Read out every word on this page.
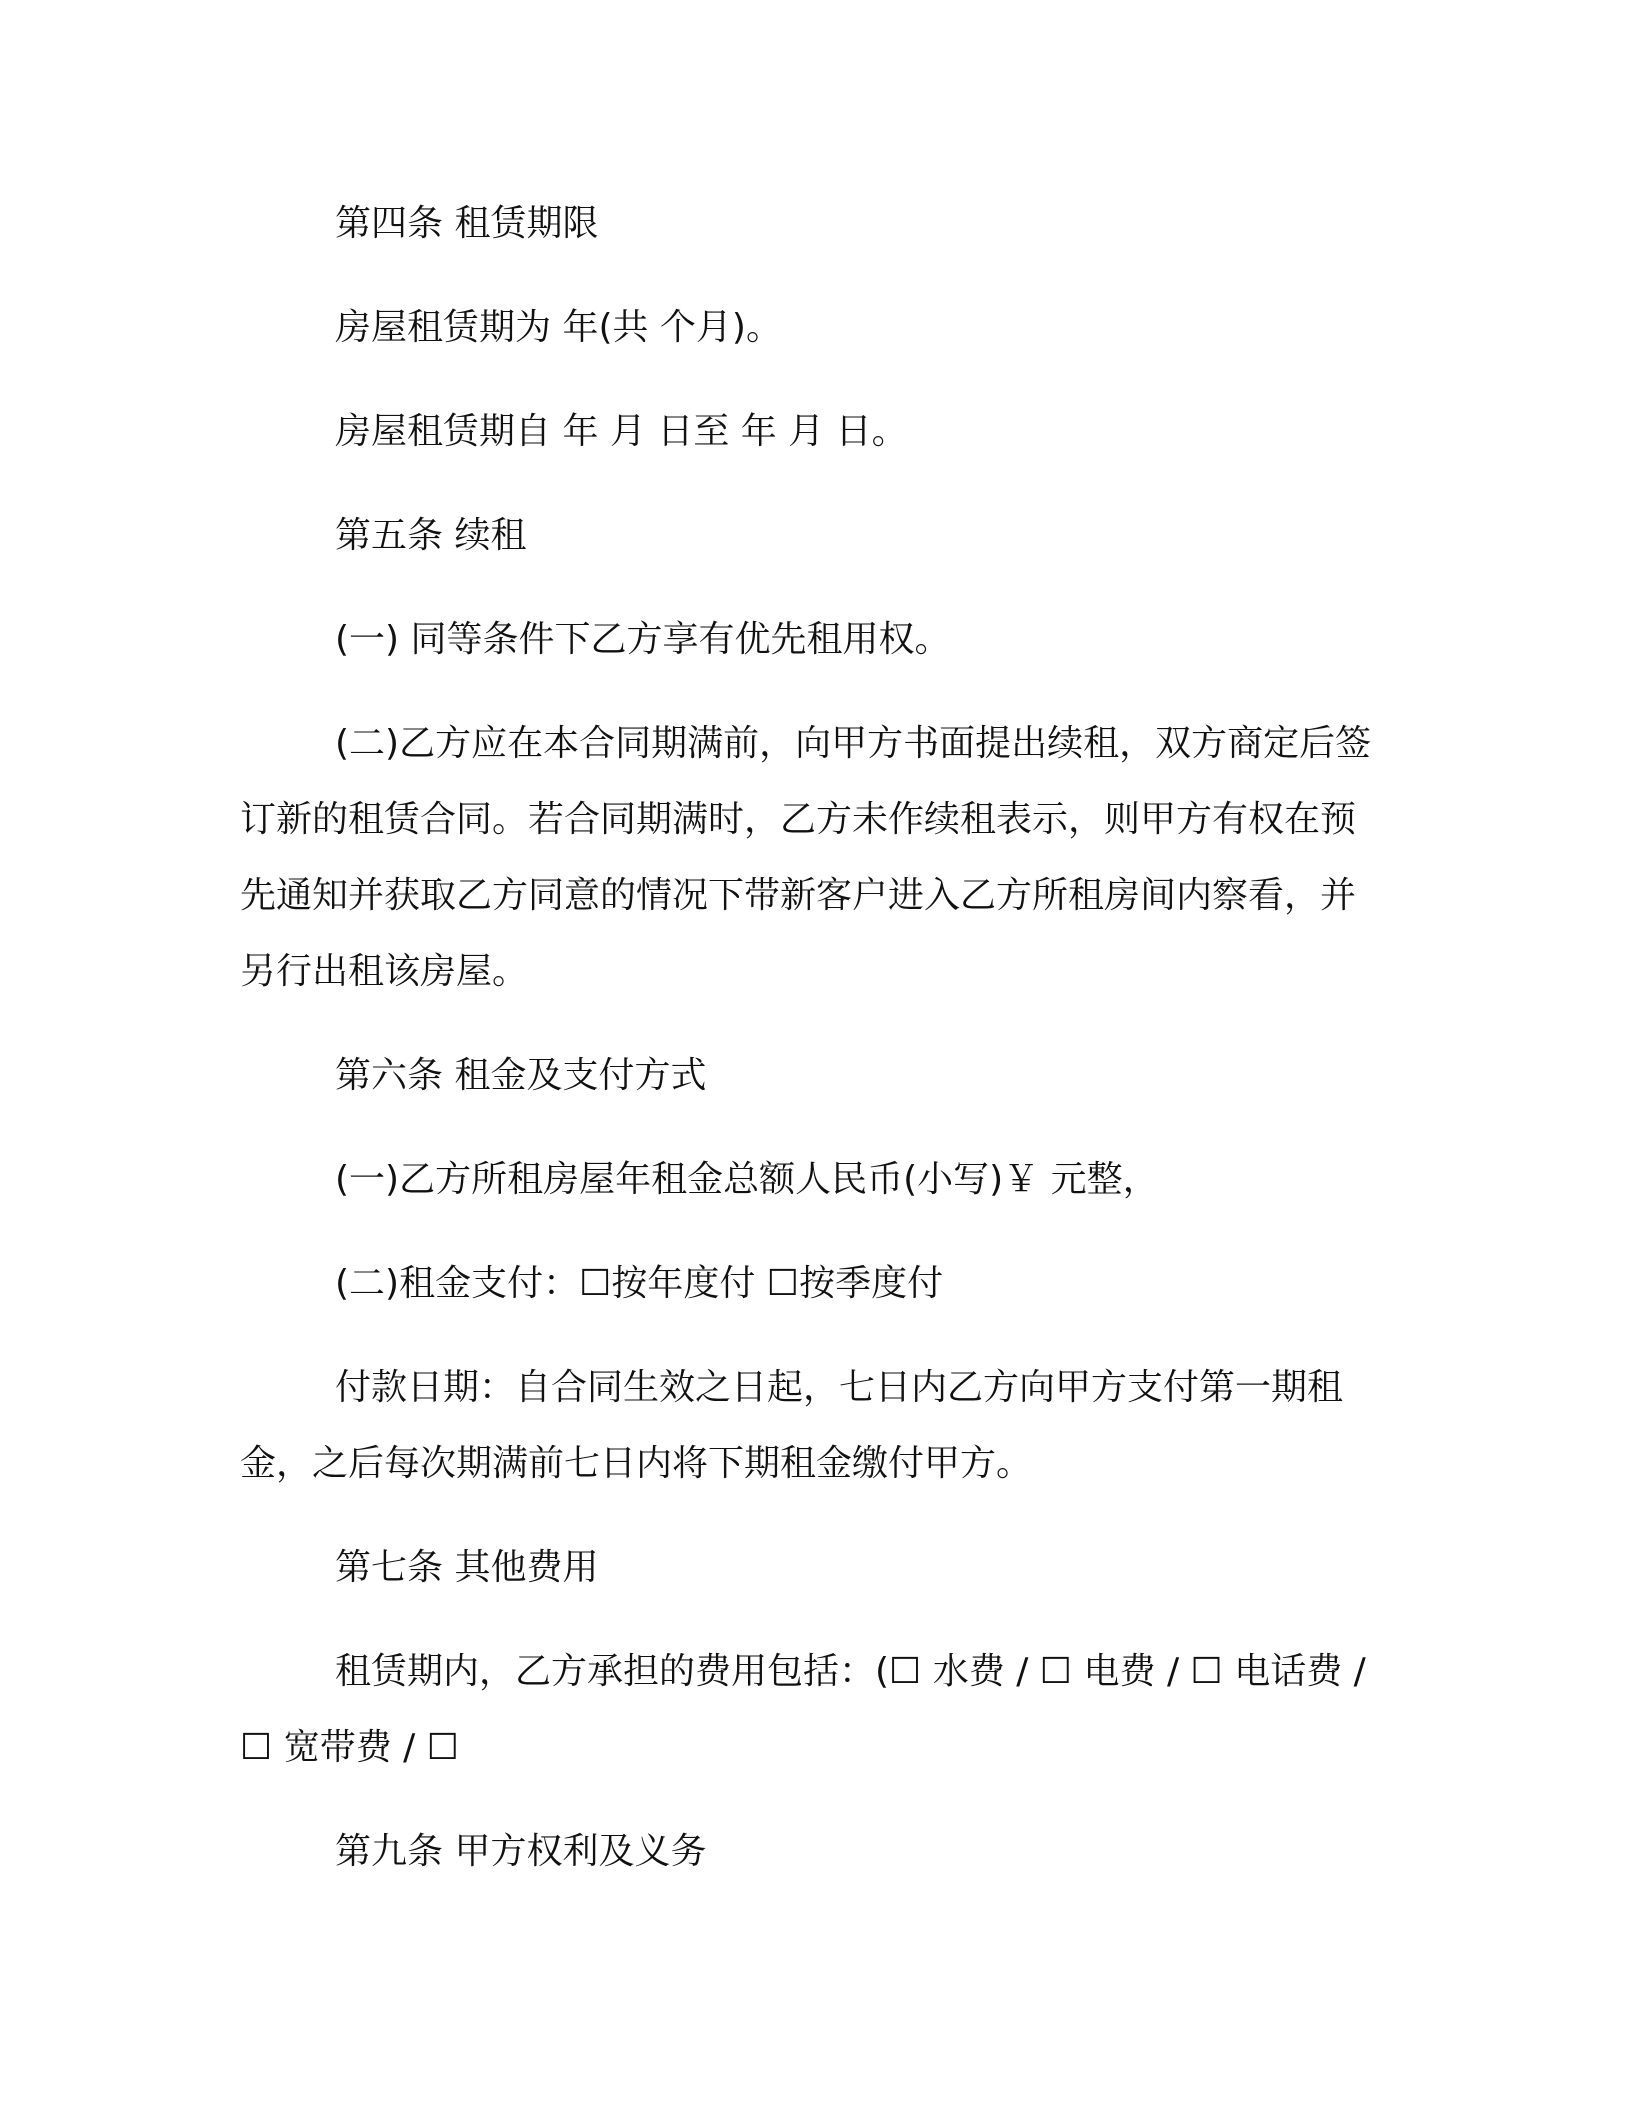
第四条 租赁期限

房屋租赁期为 年(共 个月)。

房屋租赁期自 年 月 日至 年 月 日。

第五条 续租

(一) 同等条件下乙方享有优先租用权。

(二)乙方应在本合同期满前，向甲方书面提出续租，双方商定后签订新的租赁合同。若合同期满时，乙方未作续租表示，则甲方有权在预先通知并获取乙方同意的情况下带新客户进入乙方所租房间内察看，并另行出租该房屋。

第六条 租金及支付方式

(一)乙方所租房屋年租金总额人民币(小写)￥ 元整，

(二)租金支付：☐按年度付 ☐按季度付

付款日期：自合同生效之日起，七日内乙方向甲方支付第一期租金，之后每次期满前七日内将下期租金缴付甲方。

第七条 其他费用

租赁期内，乙方承担的费用包括：(☐ 水费 / ☐ 电费 / ☐ 电话费 /☐ 宽带费 / ☐

第九条 甲方权利及义务
